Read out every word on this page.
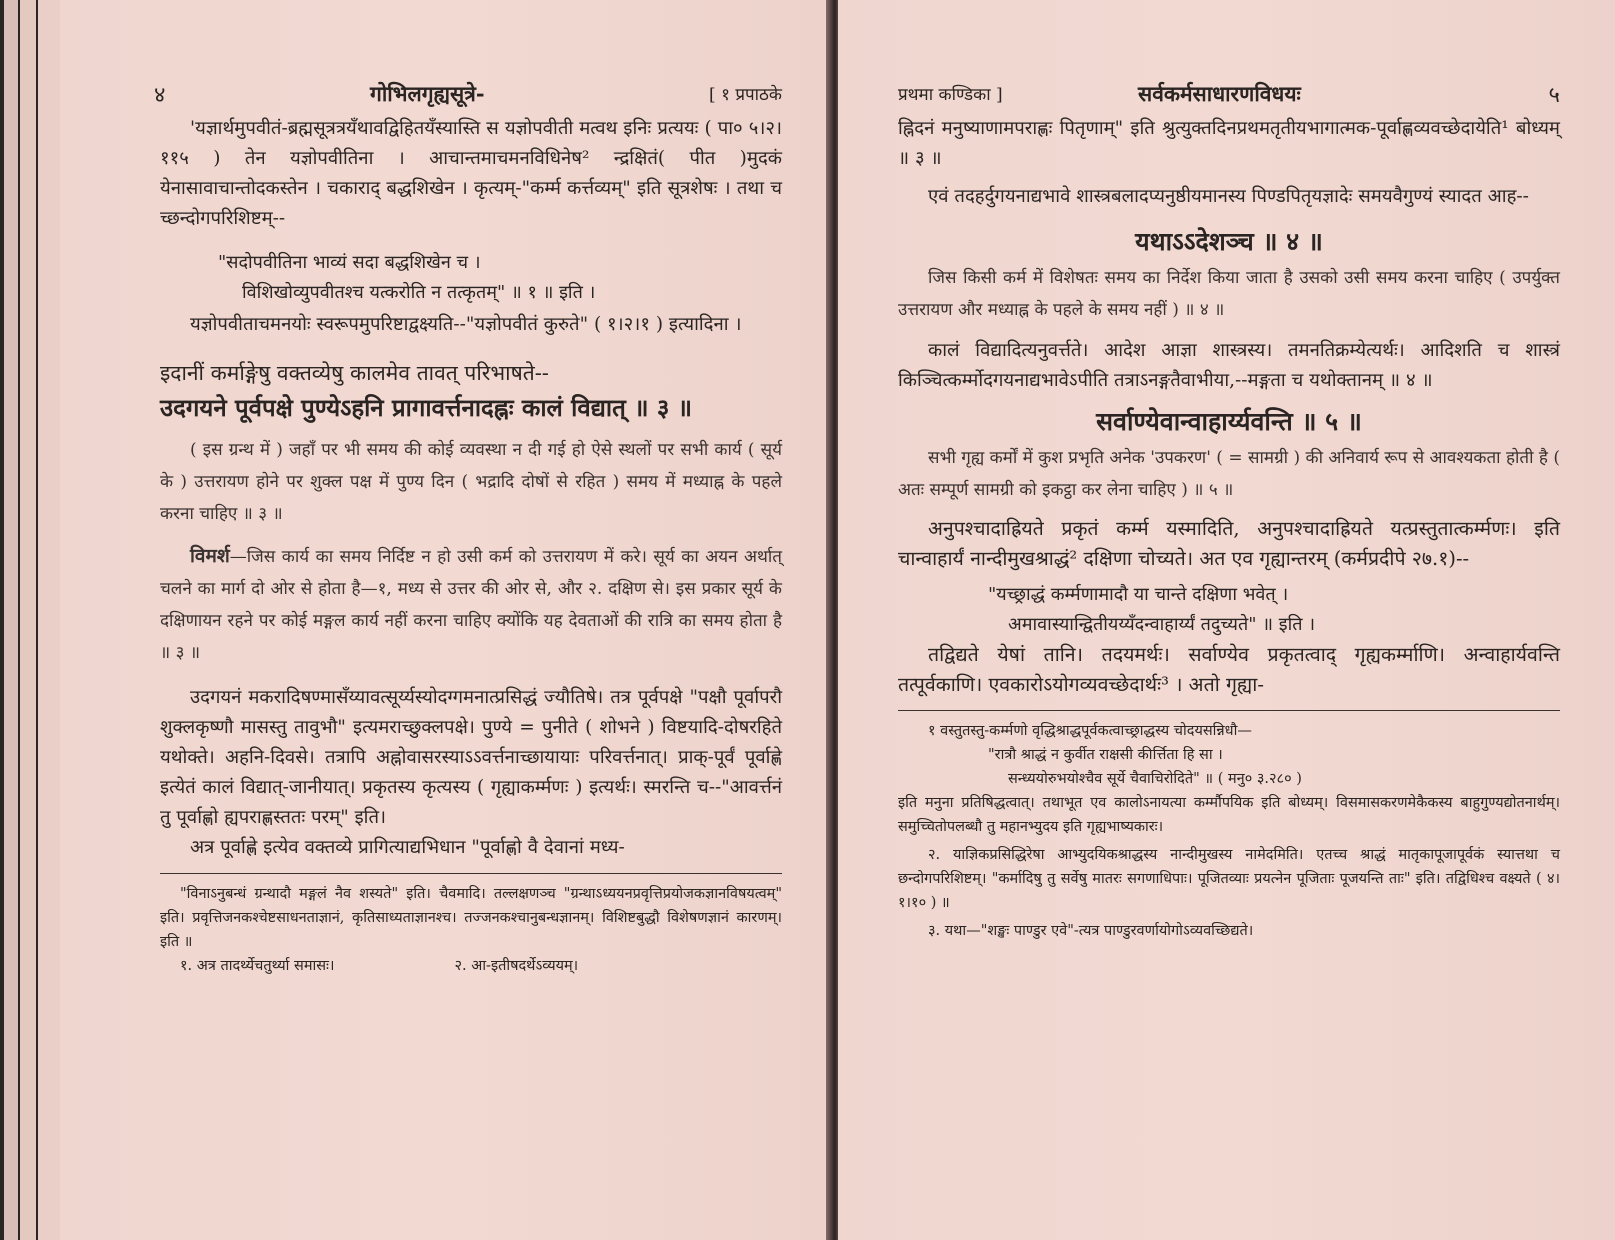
४	गोभिलगृह्यसूत्रे-	[ १ प्रपाठके

'यज्ञार्थमुपवीतं-ब्रह्मसूत्रत्रयँथावद्विहितयँस्यास्ति स यज्ञोपवीती मत्वथ इनिः प्रत्ययः ( पा० ५।२।११५ ) तेन यज्ञोपवीतिना । आचान्तमाचमनविधिनेष² न्द्रक्षितं( पीत )मुदकं येनासावाचान्तोदकस्तेन । चकाराद् बद्धशिखेन । कृत्यम्-"कर्म्म कर्त्तव्यम्" इति सूत्रशेषः । तथा च च्छन्दोगपरिशिष्टम्--

"सदोपवीतिना भाव्यं सदा बद्धशिखेन च ।

विशिखोव्युपवीतश्च यत्करोति न तत्कृतम्" ॥ १ ॥ इति ।

यज्ञोपवीताचमनयोः स्वरूपमुपरिष्टाद्वक्ष्यति--"यज्ञोपवीतं कुरुते" ( १।२।१ ) इत्यादिना ।

इदानीं कर्माङ्गेषु वक्तव्येषु कालमेव तावत् परिभाषते--

उदगयने पूर्वपक्षे पुण्येऽहनि प्रागावर्त्तनादह्नः कालं विद्यात् ॥ ३ ॥

( इस ग्रन्थ में ) जहाँ पर भी समय की कोई व्यवस्था न दी गई हो ऐसे स्थलों पर सभी कार्य ( सूर्य के ) उत्तरायण होने पर शुक्ल पक्ष में पुण्य दिन ( भद्रादि दोषों से रहित ) समय में मध्याह्न के पहले करना चाहिए ॥ ३ ॥

विमर्श—जिस कार्य का समय निर्दिष्ट न हो उसी कर्म को उत्तरायण में करे। सूर्य का अयन अर्थात् चलने का मार्ग दो ओर से होता है—१, मध्य से उत्तर की ओर से, और २. दक्षिण से। इस प्रकार सूर्य के दक्षिणायन रहने पर कोई मङ्गल कार्य नहीं करना चाहिए क्योंकि यह देवताओं की रात्रि का समय होता है ॥ ३ ॥

उदगयनं मकरादिषण्मासँय्यावत्सूर्य्यस्योदग्गमनात्प्रसिद्धं ज्यौतिषे। तत्र पूर्वपक्षे "पक्षौ पूर्वापरौ शुक्लकृष्णौ मासस्तु तावुभौ" इत्यमराच्छुक्लपक्षे। पुण्ये = पुनीते ( शोभने ) विष्टयादि-दोषरहिते यथोक्ते। अहनि-दिवसे। तत्रापि अह्नोवासरस्याऽऽवर्त्तनाच्छायायाः परिवर्त्तनात्। प्राक्-पूर्वं पूर्वाह्णे इत्येतं कालं विद्यात्-जानीयात्। प्रकृतस्य कृत्यस्य ( गृह्याकर्म्मणः ) इत्यर्थः। स्मरन्ति च--"आवर्त्तनं तु पूर्वाह्णो ह्यपराह्णस्ततः परम्" इति।

अत्र पूर्वाह्णे इत्येव वक्तव्ये प्रागित्याद्यभिधान "पूर्वाह्णो वै देवानां मध्य-

"विनाऽनुबन्धं ग्रन्थादौ मङ्गलं नैव शस्यते" इति। चैवमादि। तल्लक्षणञ्च "ग्रन्थाऽध्ययनप्रवृत्तिप्रयोजकज्ञानविषयत्वम्" इति। प्रवृत्तिजनकश्चेष्टसाधनताज्ञानं, कृतिसाध्यताज्ञानश्च। तज्जनकश्चानुबन्धज्ञानम्। विशिष्टबुद्धौ विशेषणज्ञानं कारणम्। इति ॥

१. अत्र तादर्थ्येचतुर्थ्या समासः।	२. आ-इतीषदर्थेऽव्ययम्।

प्रथमा कण्डिका ]	सर्वकर्मसाधारणविधयः	५

ह्निदनं मनुष्याणामपराह्णः पितृणाम्" इति श्रुत्युक्तदिनप्रथमतृतीयभागात्मक-पूर्वाह्णव्यवच्छेदायेति¹ बोध्यम् ॥ ३ ॥

एवं तदहर्दुगयनाद्यभावे शास्त्रबलादप्यनुष्ठीयमानस्य पिण्डपितृयज्ञादेः समयवैगुण्यं स्यादत आह--

यथाऽऽदेशञ्च ॥ ४ ॥

जिस किसी कर्म में विशेषतः समय का निर्देश किया जाता है उसको उसी समय करना चाहिए ( उपर्युक्त उत्तरायण और मध्याह्न के पहले के समय नहीं ) ॥ ४ ॥

कालं विद्यादित्यनुवर्त्तते। आदेश आज्ञा शास्त्रस्य। तमनतिक्रम्येत्यर्थः। आदिशति च शास्त्रं किञ्चित्कर्म्मोदगयनाद्यभावेऽपीति तत्राऽनङ्गतैवाभीया,--मङ्गता च यथोक्तानम् ॥ ४ ॥

सर्वाण्येवान्वाहार्य्यवन्ति ॥ ५ ॥

सभी गृह्य कर्मों में कुश प्रभृति अनेक 'उपकरण' ( = सामग्री ) की अनिवार्य रूप से आवश्यकता होती है ( अतः सम्पूर्ण सामग्री को इकट्ठा कर लेना चाहिए ) ॥ ५ ॥

अनुपश्चादाह्रियते प्रकृतं कर्म्म यस्मादिति, अनुपश्चादाह्रियते यत्प्रस्तुतात्कर्म्मणः। इति चान्वाहार्यं नान्दीमुखश्राद्धं² दक्षिणा चोच्यते। अत एव गृह्यान्तरम् (कर्मप्रदीपे २७.१)--

"यच्छ्राद्धं कर्म्मणामादौ या चान्ते दक्षिणा भवेत् ।

अमावास्यान्द्वितीयय्यँदन्वाहार्य्यं तदुच्यते" ॥ इति ।

तद्विद्यते येषां तानि। तदयमर्थः। सर्वाण्येव प्रकृतत्वाद् गृह्यकर्म्माणि। अन्वाहार्यवन्ति तत्पूर्वकाणि। एवकारोऽयोगव्यवच्छेदार्थः³ । अतो गृह्या-

१ वस्तुतस्तु-कर्म्मणो वृद्धिश्राद्धपूर्वकत्वाच्छ्राद्धस्य चोदयसन्निधौ—

"रात्रौ श्राद्धं न कुर्वीत राक्षसी कीर्त्तिता हि सा ।

सन्ध्ययोरुभयोश्चैव सूर्ये चैवाचिरोदिते" ॥ ( मनु० ३.२८० )

इति मनुना प्रतिषिद्धत्वात्। तथाभूत एव कालोऽनायत्या कर्म्मौपयिक इति बोध्यम्। विसमासकरणमेकैकस्य बाहुगुण्यद्योतनार्थम्। समुच्चितोपलब्धौ तु महानभ्युदय इति गृह्यभाष्यकारः।

२. याज्ञिकप्रसिद्धिरेषा आभ्युदयिकश्राद्धस्य नान्दीमुखस्य नामेदमिति। एतच्च श्राद्धं मातृकापूजापूर्वकं स्यात्तथा च छन्दोगपरिशिष्टम्। "कर्मादिषु तु सर्वेषु मातरः सगणाधिपाः। पूजितव्याः प्रयत्नेन पूजिताः पूजयन्ति ताः" इति। तद्विधिश्च वक्ष्यते ( ४।१।१० ) ॥

३. यथा—"शङ्खः पाण्डुर एवे"-त्यत्र पाण्डुरवर्णायोगोऽव्यवच्छिद्यते।
